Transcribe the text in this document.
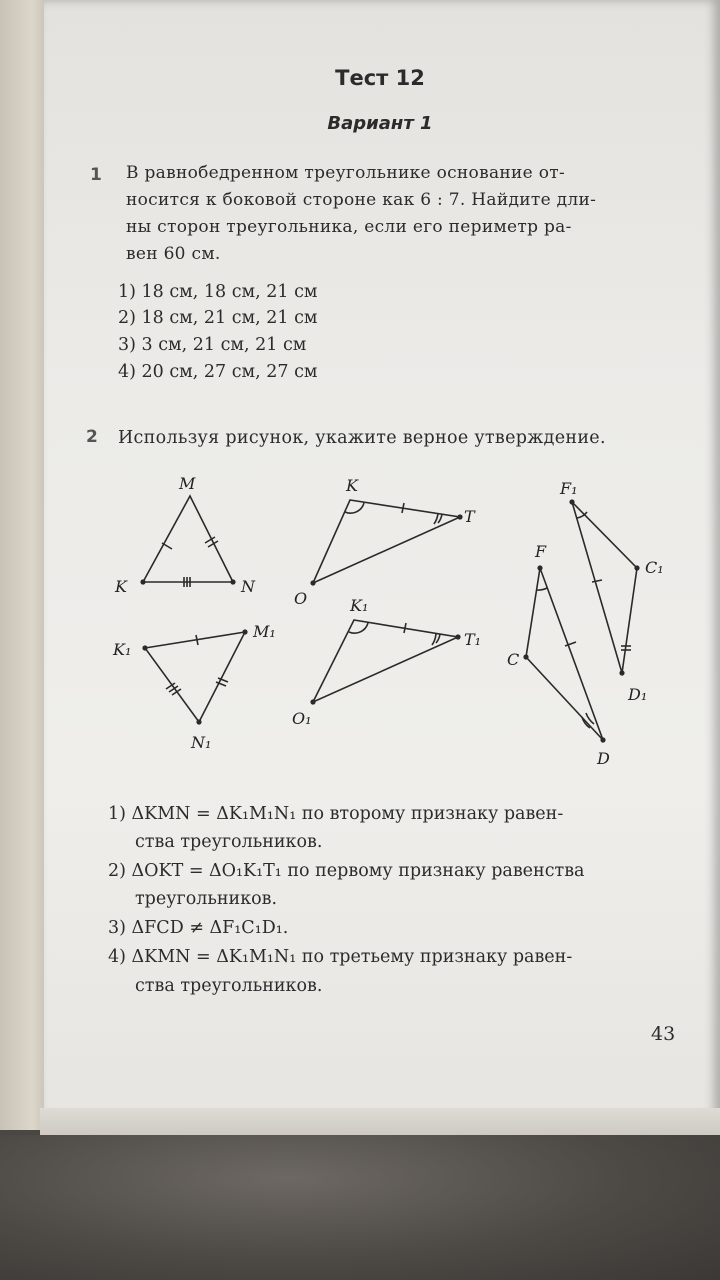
Тест 12
Вариант 1
1 В равнобедренном треугольнике основание от-
носится к боковой стороне как 6 : 7. Найдите дли-
ны сторон треугольника, если его периметр ра-
вен 60 см.
1) 18 см, 18 см, 21 см
2) 18 см, 21 см, 21 см
3) 3 см, 21 см, 21 см
4) 20 см, 27 см, 27 см
2 Используя рисунок, укажите верное утверждение.
M
K	N
M₁
K₁
N₁
K
T
O	K₁
T₁
O₁
F₁
C₁
D₁
F
C
D
1) ΔKMN = ΔK₁M₁N₁ по второму признаку равен-
ства треугольников.
2) ΔOKT = ΔO₁K₁T₁ по первому признаку равенства
треугольников.
3) ΔFCD ≠ ΔF₁C₁D₁.
4) ΔKMN = ΔK₁M₁N₁ по третьему признаку равен-
ства треугольников.
43
